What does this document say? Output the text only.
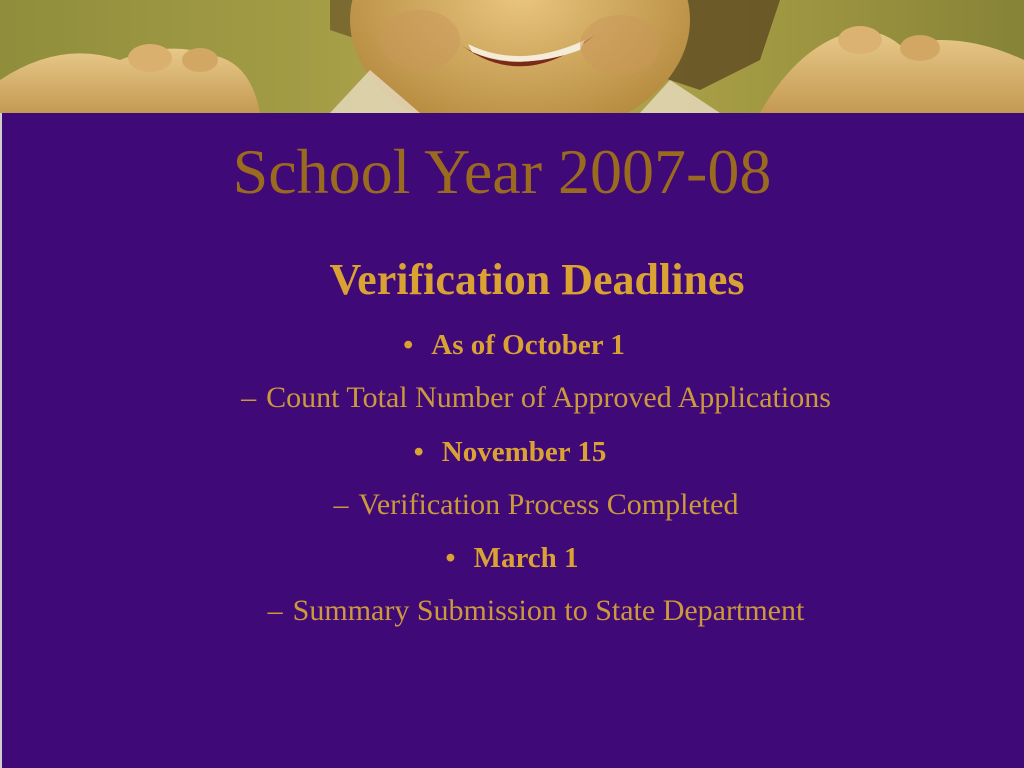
School Year 2007-08
Verification Deadlines
• As of October 1
– Count Total Number of Approved Applications
• November 15
– Verification Process Completed
• March 1
– Summary Submission to State Department
